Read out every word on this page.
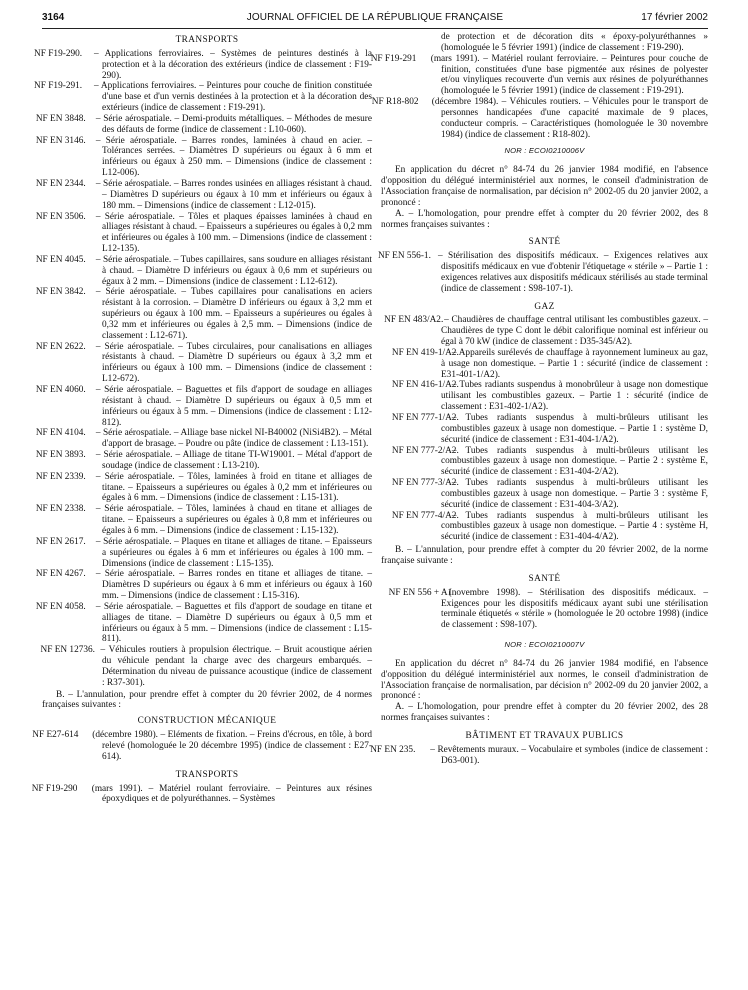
3164	JOURNAL OFFICIEL DE LA RÉPUBLIQUE FRANÇAISE	17 février 2002
TRANSPORTS
NF F19-290. – Applications ferroviaires. – Systèmes de peintures destinés à la protection et à la décoration des extérieurs (indice de classement : F19-290).
NF F19-291. – Applications ferroviaires. – Peintures pour couche de finition constituée d'une base et d'un vernis destinées à la protection et à la décoration des extérieurs (indice de classement : F19-291).
NF EN 3848. – Série aérospatiale. – Demi-produits métalliques. – Méthodes de mesure des défauts de forme (indice de classement : L10-060).
NF EN 3146. – Série aérospatiale. – Barres rondes, laminées à chaud en acier. – Tolérances serrées. – Diamètres D supérieurs ou égaux à 6 mm et inférieurs ou égaux à 250 mm. – Dimensions (indice de classement : L12-006).
NF EN 2344. – Série aérospatiale. – Barres rondes usinées en alliages résistant à chaud. – Diamètres D supérieurs ou égaux à 10 mm et inférieurs ou égaux à 180 mm. – Dimensions (indice de classement : L12-015).
NF EN 3506. – Série aérospatiale. – Tôles et plaques épaisses laminées à chaud en alliages résistant à chaud. – Epaisseurs a supérieures ou égales à 0,2 mm et inférieures ou égales à 100 mm. – Dimensions (indice de classement : L12-135).
NF EN 4045. – Série aérospatiale. – Tubes capillaires, sans soudure en alliages résistant à chaud. – Diamètre D inférieurs ou égaux à 0,6 mm et supérieurs ou égaux à 2 mm. – Dimensions (indice de classement : L12-612).
NF EN 3842. – Série aérospatiale. – Tubes capillaires pour canalisations en aciers résistant à la corrosion. – Diamètre D inférieurs ou égaux à 3,2 mm et supérieurs ou égaux à 100 mm. – Epaisseurs a supérieures ou égales à 0,32 mm et inférieures ou égales à 2,5 mm. – Dimensions (indice de classement : L12-671).
NF EN 2622. – Série aérospatiale. – Tubes circulaires, pour canalisations en alliages résistants à chaud. – Diamètre D supérieurs ou égaux à 3,2 mm et inférieurs ou égaux à 100 mm. – Dimensions (indice de classement : L12-672).
NF EN 4060. – Série aérospatiale. – Baguettes et fils d'apport de soudage en alliages résistant à chaud. – Diamètre D supérieurs ou égaux à 0,5 mm et inférieurs ou égaux à 5 mm. – Dimensions (indice de classement : L12-812).
NF EN 4104. – Série aérospatiale. – Alliage base nickel NI-B40002 (NiSi4B2). – Métal d'apport de brasage. – Poudre ou pâte (indice de classement : L13-151).
NF EN 3893. – Série aérospatiale. – Alliage de titane TI-W19001. – Métal d'apport de soudage (indice de classement : L13-210).
NF EN 2339. – Série aérospatiale. – Tôles, laminées à froid en titane et alliages de titane. – Epaisseurs a supérieures ou égales à 0,2 mm et inférieures ou égales à 6 mm. – Dimensions (indice de classement : L15-131).
NF EN 2338. – Série aérospatiale. – Tôles, laminées à chaud en titane et alliages de titane. – Epaisseurs a supérieures ou égales à 0,8 mm et inférieures ou égales à 6 mm. – Dimensions (indice de classement : L15-132).
NF EN 2617. – Série aérospatiale. – Plaques en titane et alliages de titane. – Epaisseurs a supérieures ou égales à 6 mm et inférieures ou égales à 100 mm. – Dimensions (indice de classement : L15-135).
NF EN 4267. – Série aérospatiale. – Barres rondes en titane et alliages de titane. – Diamètres D supérieurs ou égaux à 6 mm et inférieurs ou égaux à 160 mm. – Dimensions (indice de classement : L15-316).
NF EN 4058. – Série aérospatiale. – Baguettes et fils d'apport de soudage en titane et alliages de titane. – Diamètre D supérieurs ou égaux à 0,5 mm et inférieurs ou égaux à 5 mm. – Dimensions (indice de classement : L15-811).
NF EN 12736. – Véhicules routiers à propulsion électrique. – Bruit acoustique aérien du véhicule pendant la charge avec des chargeurs embarqués. – Détermination du niveau de puissance acoustique (indice de classement : R37-301).

B. – L'annulation, pour prendre effet à compter du 20 février 2002, de 4 normes françaises suivantes :

CONSTRUCTION MÉCANIQUE
NF E27-614 (décembre 1980). – Eléments de fixation. – Freins d'écrous, en tôle, à bord relevé (homologuée le 20 décembre 1995) (indice de classement : E27-614).
TRANSPORTS
NF F19-290 (mars 1991). – Matériel roulant ferroviaire. – Peintures aux résines époxydiques et de polyuréthannes. – Systèmes
de protection et de décoration dits « époxy-polyuréthannes » (homologuée le 5 février 1991) (indice de classement : F19-290).
NF F19-291 (mars 1991). – Matériel roulant ferroviaire. – Peintures pour couche de finition, constituées d'une base pigmentée aux résines de polyester et/ou vinyliques recouverte d'un vernis aux résines de polyuréthannes (homologuée le 5 février 1991) (indice de classement : F19-291).
NF R18-802 (décembre 1984). – Véhicules routiers. – Véhicules pour le transport de personnes handicapées d'une capacité maximale de 9 places, conducteur compris. – Caractéristiques (homologuée le 30 novembre 1984) (indice de classement : R18-802).
NOR : ECOI0210006V

En application du décret n° 84-74 du 26 janvier 1984 modifié, en l'absence d'opposition du délégué interministériel aux normes, le conseil d'administration de l'Association française de normalisation, par décision n° 2002-05 du 20 janvier 2002, a prononcé :

A. – L'homologation, pour prendre effet à compter du 20 février 2002, des 8 normes françaises suivantes :

SANTÉ
NF EN 556-1. – Stérilisation des dispositifs médicaux. – Exigences relatives aux dispositifs médicaux en vue d'obtenir l'étiquetage « stérile » – Partie 1 : exigences relatives aux dispositifs médicaux stérilisés au stade terminal (indice de classement : S98-107-1).
GAZ
NF EN 483/A2. – Chaudières de chauffage central utilisant les combustibles gazeux. – Chaudières de type C dont le débit calorifique nominal est inférieur ou égal à 70 kW (indice de classement : D35-345/A2).
NF EN 419-1/A2.
– Appareils surélevés de chauffage à rayonnement lumineux au gaz, à usage non domestique. – Partie 1 : sécurité (indice de classement : E31-401-1/A2).
NF EN 416-1/A2.
– Tubes radiants suspendus à monobrûleur à usage non domestique utilisant les combustibles gazeux. – Partie 1 : sécurité (indice de classement : E31-402-1/A2).
NF EN 777-1/A2.
– Tubes radiants suspendus à multi-brûleurs utilisant les combustibles gazeux à usage non domestique. – Partie 1 : système D, sécurité (indice de classement : E31-404-1/A2).
NF EN 777-2/A2.
– Tubes radiants suspendus à multi-brûleurs utilisant les combustibles gazeux à usage non domestique. – Partie 2 : système E, sécurité (indice de classement : E31-404-2/A2).
NF EN 777-3/A2.
– Tubes radiants suspendus à multi-brûleurs utilisant les combustibles gazeux à usage non domestique. – Partie 3 : système F, sécurité (indice de classement : E31-404-3/A2).
NF EN 777-4/A2.
– Tubes radiants suspendus à multi-brûleurs utilisant les combustibles gazeux à usage non domestique. – Partie 4 : système H, sécurité (indice de classement : E31-404-4/A2).

B. – L'annulation, pour prendre effet à compter du 20 février 2002, de la norme française suivante :

SANTÉ
NF EN 556 + A1
(novembre 1998). – Stérilisation des dispositifs médicaux. – Exigences pour les dispositifs médicaux ayant subi une stérilisation terminale étiquetés « stérile » (homologuée le 20 octobre 1998) (indice de classement : S98-107).
NOR : ECOI0210007V

En application du décret n° 84-74 du 26 janvier 1984 modifié, en l'absence d'opposition du délégué interministériel aux normes, le conseil d'administration de l'Association française de normalisation, par décision n° 2002-09 du 20 janvier 2002, a prononcé :

A. – L'homologation, pour prendre effet à compter du 20 février 2002, des 28 normes françaises suivantes :

BÂTIMENT ET TRAVAUX PUBLICS
NF EN 235. – Revêtements muraux. – Vocabulaire et symboles (indice de classement : D63-001).
